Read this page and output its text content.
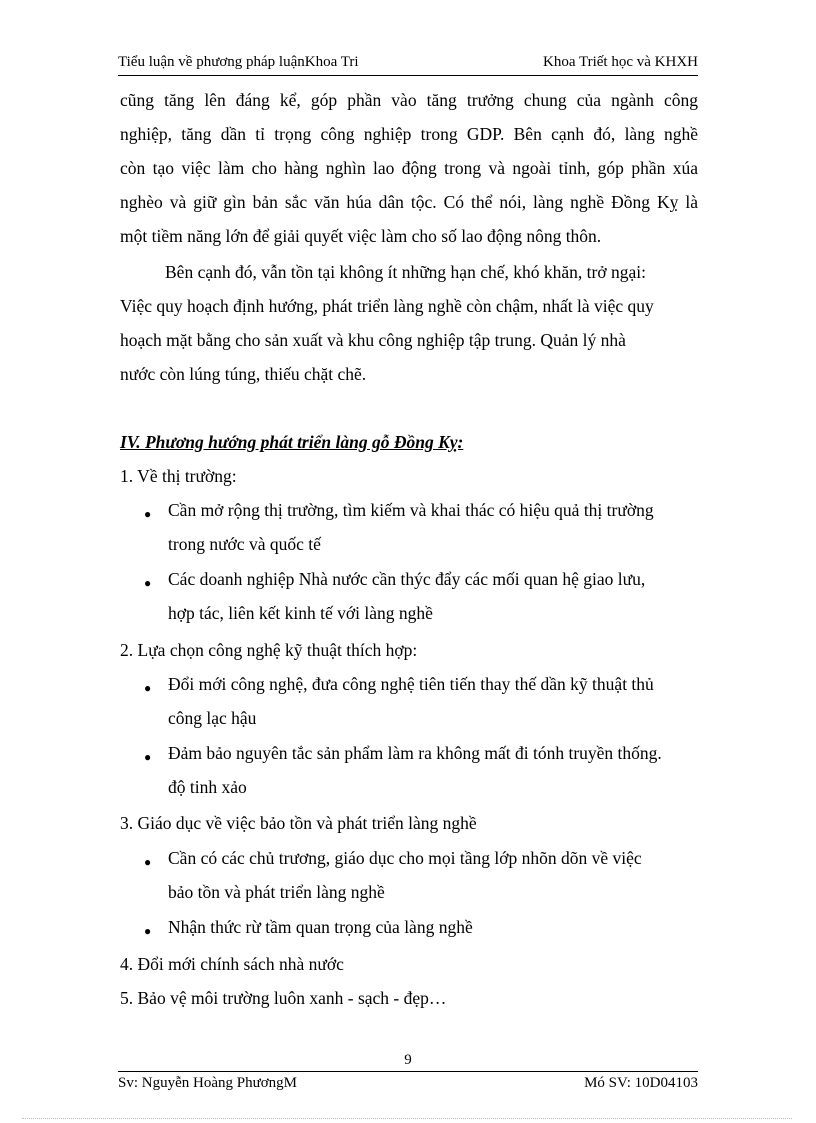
Tiểu luận về phương pháp luậnKhoa Tri	Khoa Triết học và KHXH
cũng tăng lên đáng kể, góp phần vào tăng trưởng chung của ngành công
nghiệp, tăng dần tỉ trọng công nghiệp trong GDP. Bên cạnh đó, làng nghề
còn tạo việc làm cho hàng nghìn lao động trong và ngoài tỉnh, góp phần xúa
nghèo và giữ gìn bản sắc văn húa dân tộc. Có thể nói, làng nghề Đồng Kỵ là
một tiềm năng lớn để giải quyết việc làm cho số lao động nông thôn.
Bên cạnh đó, vẫn tồn tại không ít những hạn chế, khó khăn, trở ngại:
Việc quy hoạch định hướng, phát triển làng nghề còn chậm, nhất là việc quy
hoạch mặt bằng cho sản xuất và khu công nghiệp tập trung. Quản lý nhà
nước còn lúng túng, thiếu chặt chẽ.
IV. Phương hướng phát triển làng gỗ Đồng Kỵ:
1. Về thị trường:
● Cần mở rộng thị trường, tìm kiếm và khai thác có hiệu quả thị trường
trong nước và quốc tế
● Các doanh nghiệp Nhà nước cần thýc đẩy các mối quan hệ giao lưu,
hợp tác, liên kết kinh tế với làng nghề
2. Lựa chọn công nghệ kỹ thuật thích hợp:
● Đổi mới công nghệ, đưa công nghệ tiên tiến thay thế dần kỹ thuật thủ
công lạc hậu
● Đảm bảo nguyên tắc sản phẩm làm ra không mất đi tónh truyền thống.
độ tinh xảo
3. Giáo dục về việc bảo tồn và phát triển làng nghề
● Cần có các chủ trương, giáo dục cho mọi tầng lớp nhõn dõn về việc
bảo tồn và phát triển làng nghề
● Nhận thức rừ tầm quan trọng của làng nghề
4. Đổi mới chính sách nhà nước
5. Bảo vệ môi trường luôn xanh - sạch - đẹp…
9
Sv: Nguyễn Hoàng PhươngM	Mó SV: 10D04103
